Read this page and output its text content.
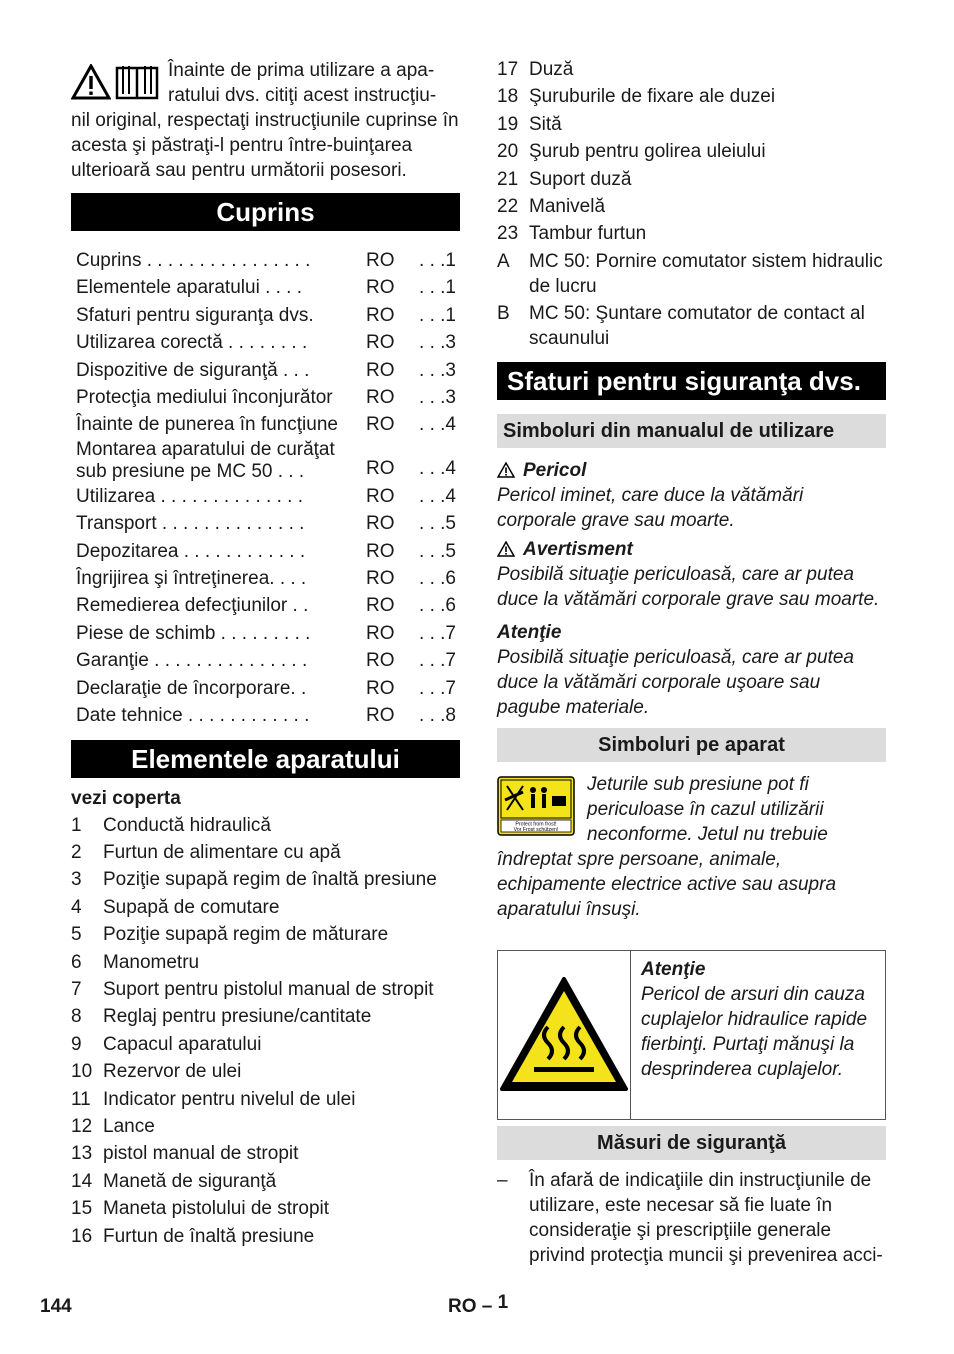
Înainte de prima utilizare a apa-

ratului dvs. citiţi acest instrucţiu-

nil original, respectaţi instrucţiunile cuprinse în acesta şi păstraţi-l pentru între-buinţarea ulterioară sau pentru următorii posesori.

Cuprins
Cuprins . . . . . . . . . . . . . . . .	RO	. . .1
Elementele aparatului . . . .	RO	. . .1
Sfaturi pentru siguranţa dvs.	RO	. . .1
Utilizarea corectă . . . . . . . .	RO	. . .3
Dispozitive de siguranţă . . .	RO	. . .3
Protecţia mediului înconjurător	RO	. . .3
Înainte de punerea în funcţiune	RO	. . .4
Montarea aparatului de curăţat sub presiune pe MC 50 . . .	RO	. . .4
Utilizarea . . . . . . . . . . . . . .	RO	. . .4
Transport . . . . . . . . . . . . . .	RO	. . .5
Depozitarea . . . . . . . . . . . .	RO	. . .5
Îngrijirea şi întreţinerea. . . .	RO	. . .6
Remedierea defecţiunilor . .	RO	. . .6
Piese de schimb . . . . . . . . .	RO	. . .7
Garanţie . . . . . . . . . . . . . . .	RO	. . .7
Declaraţie de încorporare. .	RO	. . .7
Date tehnice . . . . . . . . . . . .	RO	. . .8
Elementele aparatului
vezi coperta
1	Conductă hidraulică
2	Furtun de alimentare cu apă
3	Poziţie supapă regim de înaltă presiune
4	Supapă de comutare
5	Poziţie supapă regim de măturare
6	Manometru
7	Suport pentru pistolul manual de stropit
8	Reglaj pentru presiune/cantitate
9	Capacul aparatului
10 Rezervor de ulei
11 Indicator pentru nivelul de ulei
12 Lance
13 pistol manual de stropit
14 Manetă de siguranţă
15 Maneta pistolului de stropit
16 Furtun de înaltă presiune
17 Duză
18 Şuruburile de fixare ale duzei
19 Sită
20 Şurub pentru golirea uleiului
21 Suport duză
22 Manivelă
23 Tambur furtun
A	MC 50: Pornire comutator sistem hidraulic de lucru
B	MC 50: Şuntare comutator de contact al scaunului
Sfaturi pentru siguranţa dvs.
Simboluri din manualul de utilizare
Pericol

Pericol iminet, care duce la vătămări corporale grave sau moarte.

Avertisment

Posibilă situaţie periculoasă, care ar putea duce la vătămări corporale grave sau moarte.

Atenţie

Posibilă situaţie periculoasă, care ar putea duce la vătămări corporale uşoare sau pagube materiale.

Simboluri pe aparat
Protect from frost!
Vor Frost schützen!

Jeturile sub presiune pot fi periculoase în cazul utilizării neconforme. Jetul nu trebuie îndreptat spre persoane, animale, echipamente electrice active sau asupra aparatului însuşi.

Atenţie
Pericol de arsuri din cauza cuplajelor hidraulice rapide fierbinţi. Purtaţi mănuşi la desprinderea cuplajelor.
Măsuri de siguranţă
–	În afară de indicaţiile din instrucţiunile de utilizare, este necesar să fie luate în consideraţie şi prescripţiile generale privind protecţia muncii şi prevenirea acci-
144	RO – 1
